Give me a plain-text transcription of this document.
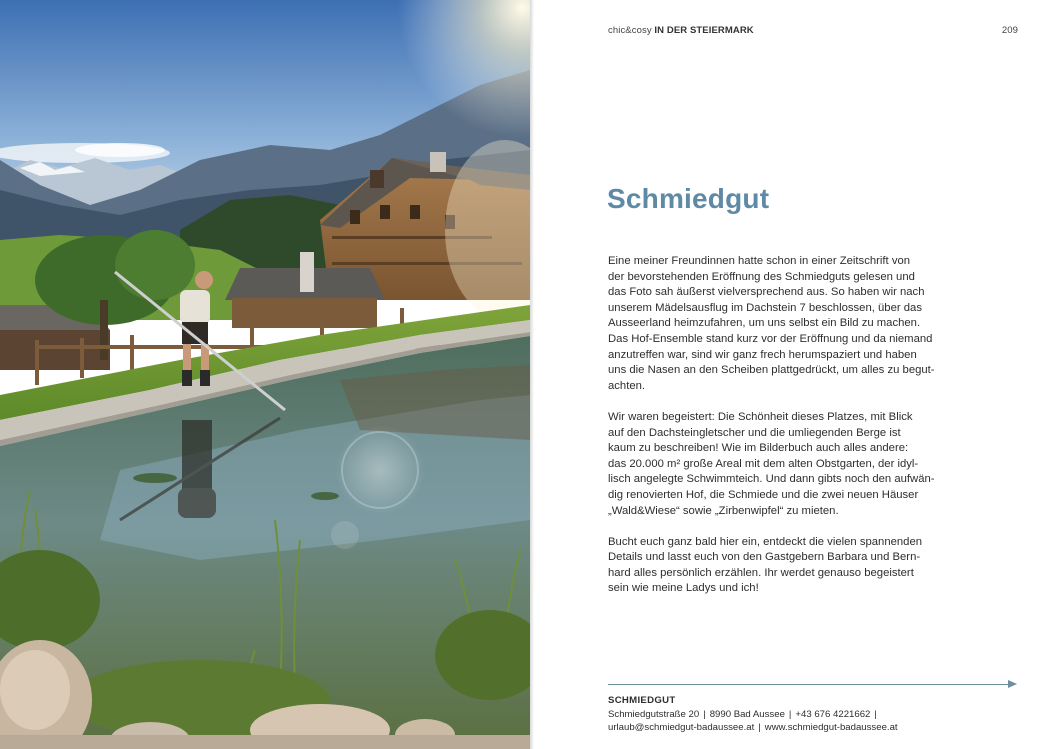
chic&cosy IN DER STEIERMARK	209
Schmiedgut

Eine meiner Freundinnen hatte schon in einer Zeitschrift von
der bevorstehenden Eröffnung des Schmiedguts gelesen und
das Foto sah äußerst vielversprechend aus. So haben wir nach
unserem Mädelsausflug im Dachstein 7 beschlossen, über das
Ausseerland heimzufahren, um uns selbst ein Bild zu machen.
Das Hof-Ensemble stand kurz vor der Eröffnung und da niemand
anzutreffen war, sind wir ganz frech herumspaziert und haben
uns die Nasen an den Scheiben plattgedrückt, um alles zu begut-
achten.

Wir waren begeistert: Die Schönheit dieses Platzes, mit Blick
auf den Dachsteingletscher und die umliegenden Berge ist
kaum zu beschreiben! Wie im Bilderbuch auch alles andere:
das 20.000 m² große Areal mit dem alten Obstgarten, der idyl-
lisch angelegte Schwimmteich. Und dann gibts noch den aufwän-
dig renovierten Hof, die Schmiede und die zwei neuen Häuser
„Wald&Wiese“ sowie „Zirbenwipfel“ zu mieten.

Bucht euch ganz bald hier ein, entdeckt die vielen spannenden
Details und lasst euch von den Gastgebern Barbara und Bern-
hard alles persönlich erzählen. Ihr werdet genauso begeistert
sein wie meine Ladys und ich!

SCHMIEDGUT
Schmiedgutstraße 20 | 8990 Bad Aussee | +43 676 4221662 |
urlaub@schmiedgut-badaussee.at | www.schmiedgut-badaussee.at
